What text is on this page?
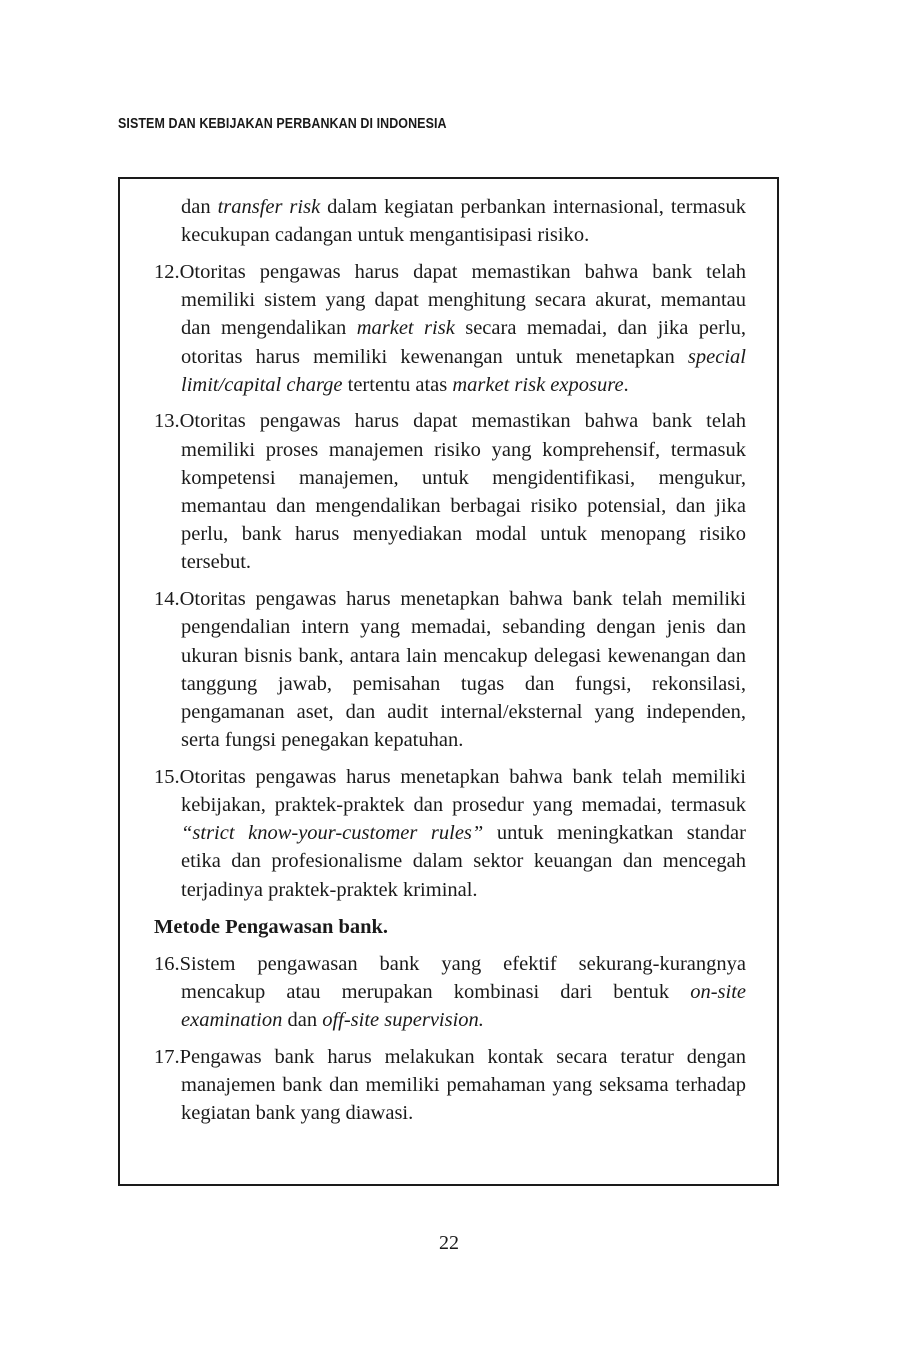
SISTEM DAN KEBIJAKAN PERBANKAN DI INDONESIA

dan transfer risk dalam kegiatan perbankan internasional, termasuk kecukupan cadangan untuk mengantisipasi risiko.

12.Otoritas pengawas harus dapat memastikan bahwa bank telah memiliki sistem yang dapat menghitung secara akurat, memantau dan mengendalikan market risk secara memadai, dan jika perlu, otoritas harus memiliki kewenangan untuk menetapkan special limit/capital charge tertentu atas market risk exposure.

13.Otoritas pengawas harus dapat memastikan bahwa bank telah memiliki proses manajemen risiko yang komprehensif, termasuk kompetensi manajemen, untuk mengidentifikasi, mengukur, memantau dan mengendalikan berbagai risiko potensial, dan jika perlu, bank harus menyediakan modal untuk menopang risiko tersebut.

14.Otoritas pengawas harus menetapkan bahwa bank telah memiliki pengendalian intern yang memadai, sebanding dengan jenis dan ukuran bisnis bank, antara lain mencakup delegasi kewenangan dan tanggung jawab, pemisahan tugas dan fungsi, rekonsilasi, pengamanan aset, dan audit internal/eksternal yang independen, serta fungsi penegakan kepatuhan.

15.Otoritas pengawas harus menetapkan bahwa bank telah memiliki kebijakan, praktek-praktek dan prosedur yang memadai, termasuk “strict know-your-customer rules” untuk meningkatkan standar etika dan profesionalisme dalam sektor keuangan dan mencegah terjadinya praktek-praktek kriminal.

Metode Pengawasan bank.

16.Sistem pengawasan bank yang efektif sekurang-kurangnya mencakup atau merupakan kombinasi dari bentuk on-site examination dan off-site supervision.

17.Pengawas bank harus melakukan kontak secara teratur dengan manajemen bank dan memiliki pemahaman yang seksama terhadap kegiatan bank yang diawasi.

22
